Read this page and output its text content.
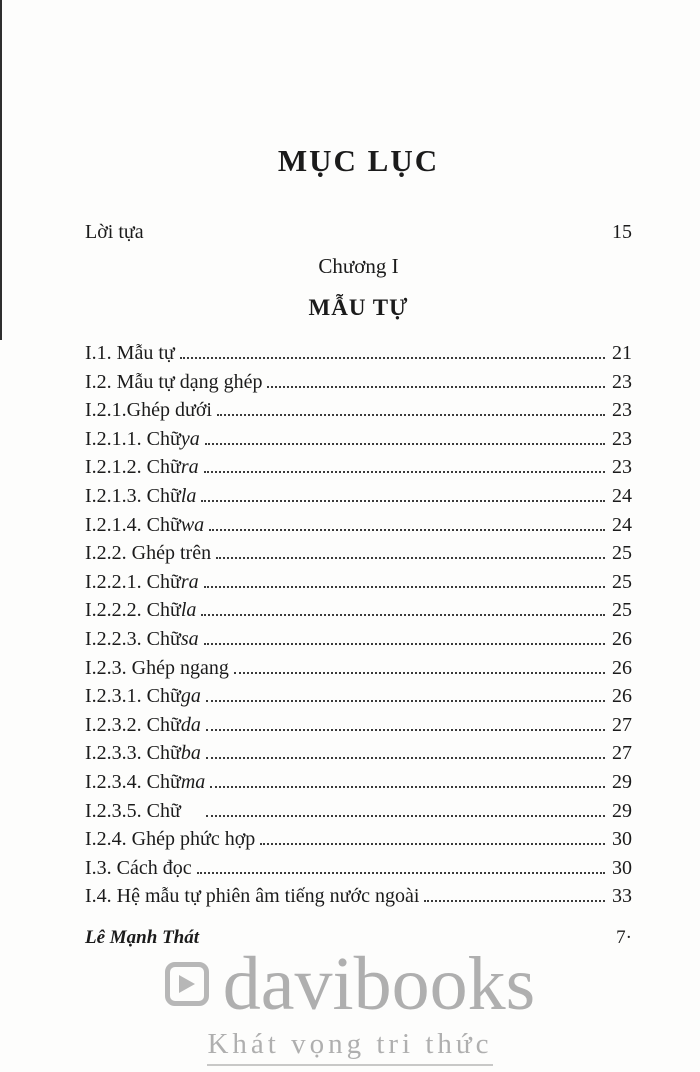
MỤC LỤC
Lời tựa	15
Chương I
MẪU TỰ
I.1. Mẫu tự	21
I.2. Mẫu tự dạng ghép	23
I.2.1.Ghép dưới	23
I.2.1.1. Chữ ya	23
I.2.1.2. Chữ ra	23
I.2.1.3. Chữ la	24
I.2.1.4. Chữ wa	24
I.2.2. Ghép trên	25
I.2.2.1. Chữ ra	25
I.2.2.2. Chữ la	25
I.2.2.3. Chữ sa	26
I.2.3. Ghép ngang	26
I.2.3.1. Chữ ga	26
I.2.3.2. Chữ da	27
I.2.3.3. Chữ ba	27
I.2.3.4. Chữ ma	29
I.2.3.5. Chữ	29
I.2.4. Ghép phức hợp	30
I.3. Cách đọc	30
I.4. Hệ mẫu tự phiên âm tiếng nước ngoài	33
Lê Mạnh Thát	7·
davibooks
Khát vọng tri thức
